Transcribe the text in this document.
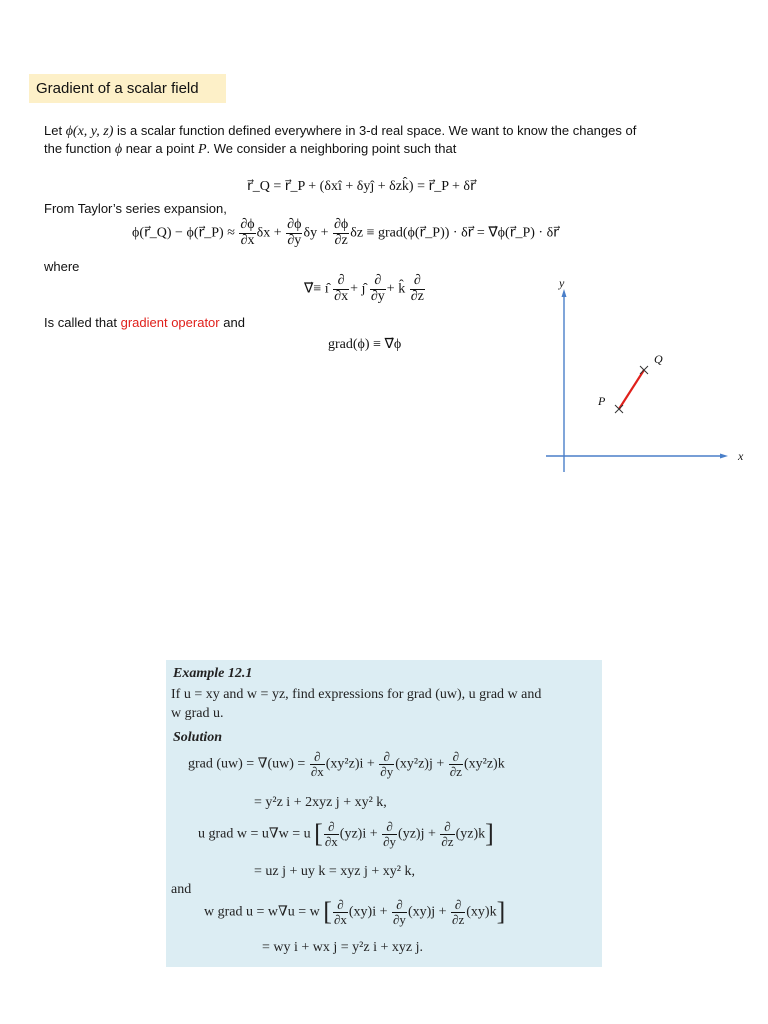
Gradient of a scalar field
Let ϕ(x, y, z) is a scalar function defined everywhere in 3-d real space. We want to know the changes of
the function ϕ near a point P. We consider a neighboring point such that
r⃗_Q = r⃗_P + (δxî + δyĵ + δzk̂) = r⃗_P + δr⃗
From Taylor’s series expansion,
ϕ(r⃗_Q) − ϕ(r⃗_P) ≈ $\frac{\partial\phi}{\partial x}$ $\delta x + \frac{\partial\phi}{\partial y}$ $\delta y + \frac{\partial\phi}{\partial z}$ δz ≡ grad(ϕ(r⃗_P)) · δr⃗ = ∇⃗ϕ(r⃗_P) · δr⃗
where
∇⃗≡ ı̂ $\frac{\partial}{\partial x}$ + ȷ̂ $\frac{\partial}{\partial y}$ + k̂ $\frac{\partial}{\partial z}$
Is called that gradient operator and
grad(ϕ) ≡ ∇⃗ϕ
x
y
P
Q
Example 12.1
If u = xy and w = yz, find expressions for grad (uw), u grad w and
w grad u.
Solution
grad $(uw) = \nabla(uw) = \frac{\partial}{\partial x} (xy^2z)i + \frac{\partial}{\partial y} (xy^2z)j + \frac{\partial}{\partial z} (xy^2z)k$
= y²z i + 2xyz j + xy² k,
u grad w = u∇w = u [ $\frac{\partial}{\partial x} (yz)i + \frac{\partial}{\partial y} (yz)j + \frac{\partial}{\partial z} (yz)k$]
= uz j + uy k = xyz j + xy² k,
and
w grad u = w∇u = w [ $\frac{\partial}{\partial x} (xy)i + \frac{\partial}{\partial y} (xy)j + \frac{\partial}{\partial z} (xy)k$]
= wy i + wx j = y²z i + xyz j.
